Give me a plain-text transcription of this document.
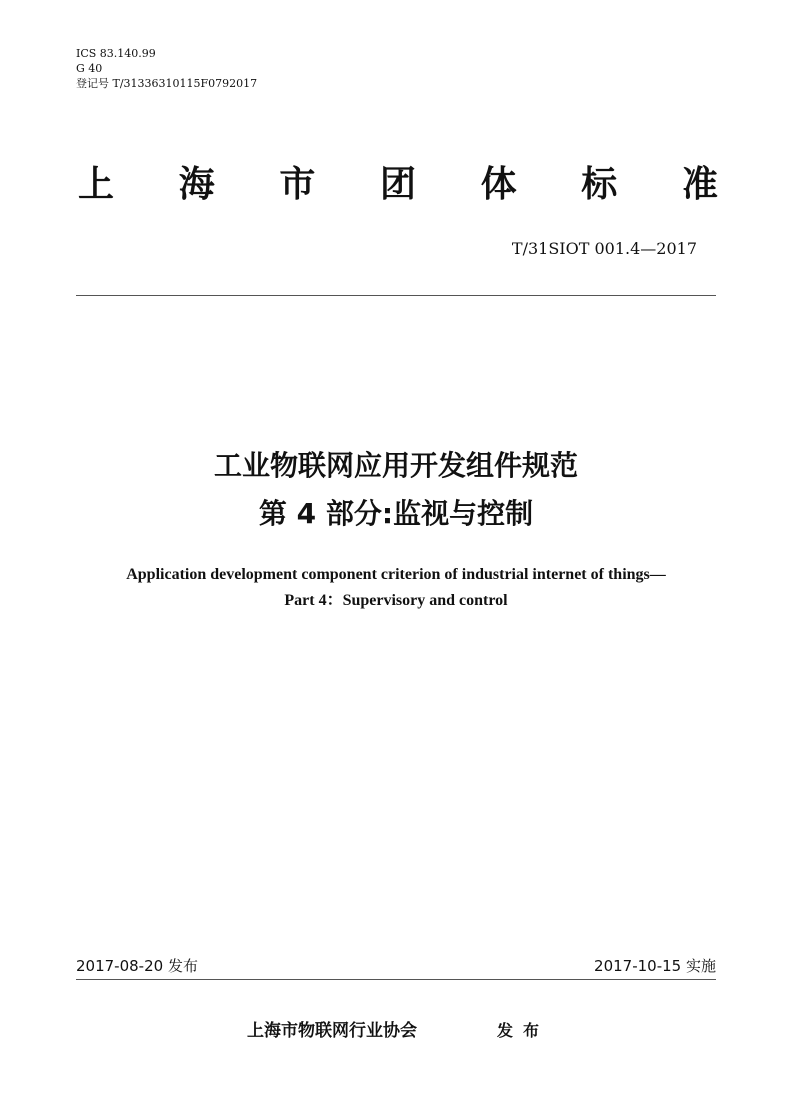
ICS 83.140.99
G 40
登记号 T/31336310115F0792017
上 海 市 团 体 标 准
T/31SIOT 001.4—2017
工业物联网应用开发组件规范
第 4 部分:监视与控制
Application development component criterion of industrial internet of things—
Part 4：Supervisory and control
2017-08-20 发布	2017-10-15 实施
上海市物联网行业协会	发布
